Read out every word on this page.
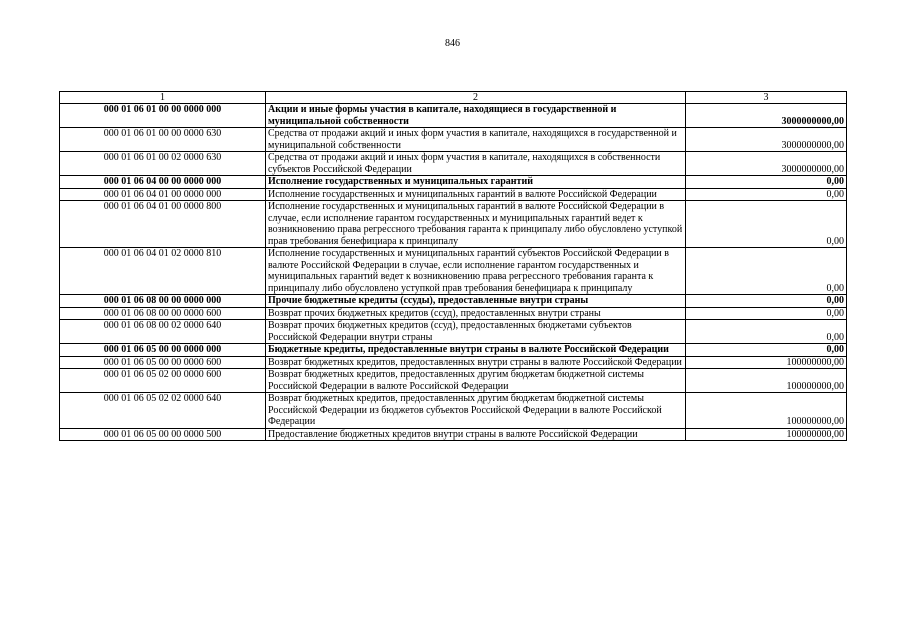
846
1	2	3
000 01 06 01 00 00 0000 000	Акции и иные формы участия в капитале, находящиеся в государственной и муниципальной собственности	3000000000,00
000 01 06 01 00 00 0000 630	Средства от продажи акций и иных форм участия в капитале, находящихся в государственной и муниципальной собственности	3000000000,00
000 01 06 01 00 02 0000 630	Средства от продажи акций и иных форм участия в капитале, находящихся в собственности субъектов Российской Федерации	3000000000,00
000 01 06 04 00 00 0000 000	Исполнение государственных и муниципальных гарантий	0,00
000 01 06 04 01 00 0000 000	Исполнение государственных и муниципальных гарантий в валюте Российской Федерации	0,00
000 01 06 04 01 00 0000 800	Исполнение государственных и муниципальных гарантий в валюте Российской Федерации в случае, если исполнение гарантом государственных и муниципальных гарантий ведет к возникновению права регрессного требования гаранта к принципалу либо обусловлено уступкой прав требования бенефициара к принципалу	0,00
000 01 06 04 01 02 0000 810	Исполнение государственных и муниципальных гарантий субъектов Российской Федерации в валюте Российской Федерации в случае, если исполнение гарантом государственных и муниципальных гарантий ведет к возникновению права регрессного требования гаранта к принципалу либо обусловлено уступкой прав требования бенефициара к принципалу	0,00
000 01 06 08 00 00 0000 000	Прочие бюджетные кредиты (ссуды), предоставленные внутри страны	0,00
000 01 06 08 00 00 0000 600	Возврат прочих бюджетных кредитов (ссуд), предоставленных внутри страны	0,00
000 01 06 08 00 02 0000 640	Возврат прочих бюджетных кредитов (ссуд), предоставленных бюджетами субъектов Российской Федерации внутри страны	0,00
000 01 06 05 00 00 0000 000	Бюджетные кредиты, предоставленные внутри страны в валюте Российской Федерации	0,00
000 01 06 05 00 00 0000 600	Возврат бюджетных кредитов, предоставленных внутри страны в валюте Российской Федерации	100000000,00
000 01 06 05 02 00 0000 600	Возврат бюджетных кредитов, предоставленных другим бюджетам бюджетной системы Российской Федерации в валюте Российской Федерации	100000000,00
000 01 06 05 02 02 0000 640	Возврат бюджетных кредитов, предоставленных другим бюджетам бюджетной системы Российской Федерации из бюджетов субъектов Российской Федерации в валюте Российской Федерации	100000000,00
000 01 06 05 00 00 0000 500	Предоставление бюджетных кредитов внутри страны в валюте Российской Федерации	100000000,00
